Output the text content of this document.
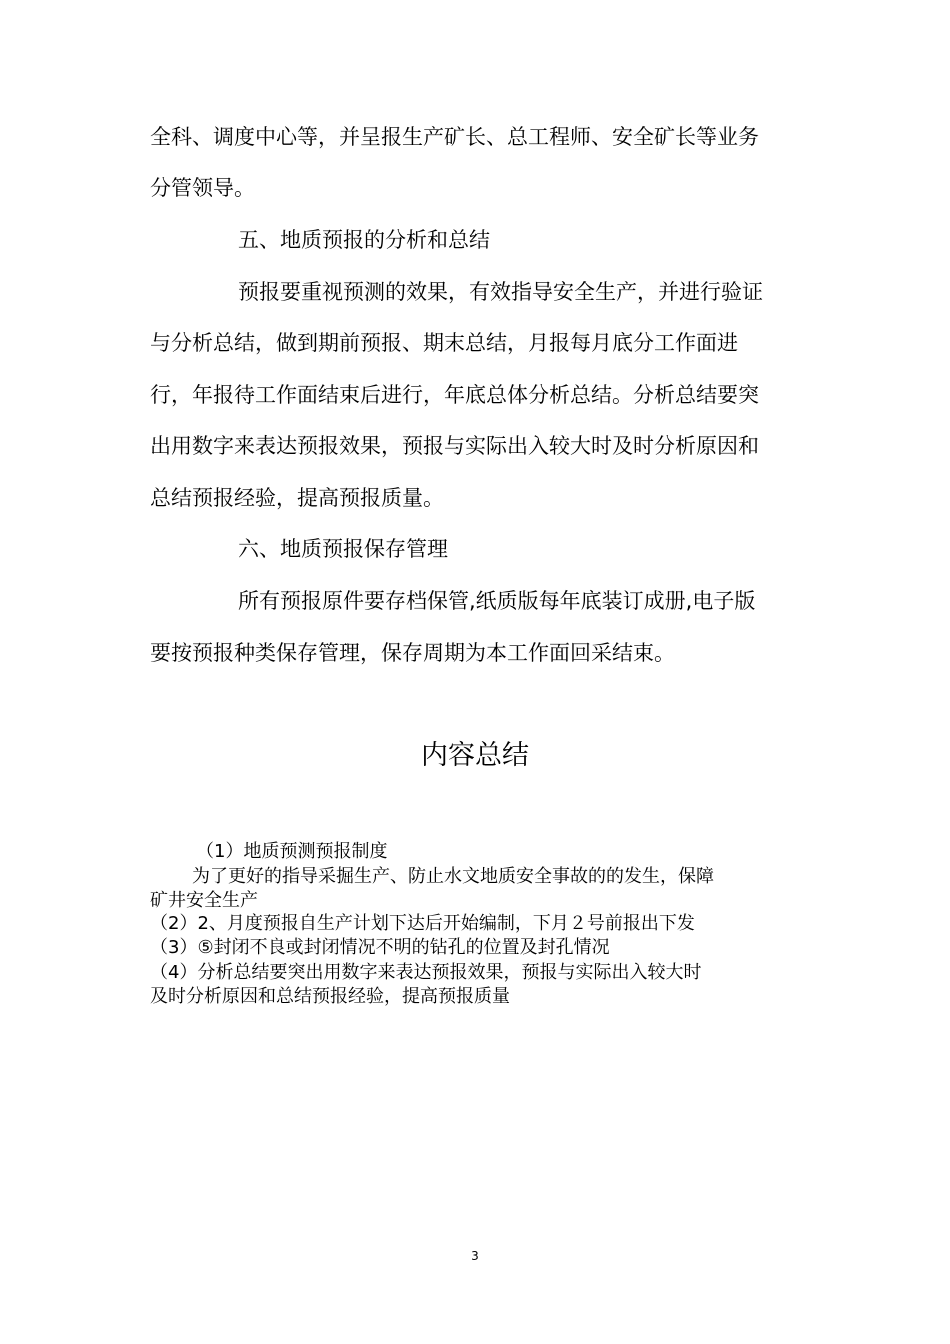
全科、调度中心等，并呈报生产矿长、总工程师、安全矿长等业务
分管领导。
五、地质预报的分析和总结
预报要重视预测的效果，有效指导安全生产，并进行验证
与分析总结，做到期前预报、期末总结，月报每月底分工作面进
行，年报待工作面结束后进行，年底总体分析总结。分析总结要突
出用数字来表达预报效果，预报与实际出入较大时及时分析原因和
总结预报经验，提高预报质量。
六、地质预报保存管理
所有预报原件要存档保管,纸质版每年底装订成册,电子版
要按预报种类保存管理，保存周期为本工作面回采结束。
内容总结
（1）地质预测预报制度
为了更好的指导采掘生产、防止水文地质安全事故的的发生，保障
矿井安全生产
（2）2、月度预报自生产计划下达后开始编制，下月２号前报出下发
（3）⑤封闭不良或封闭情况不明的钻孔的位置及封孔情况
（4）分析总结要突出用数字来表达预报效果，预报与实际出入较大时
及时分析原因和总结预报经验，提高预报质量
3
